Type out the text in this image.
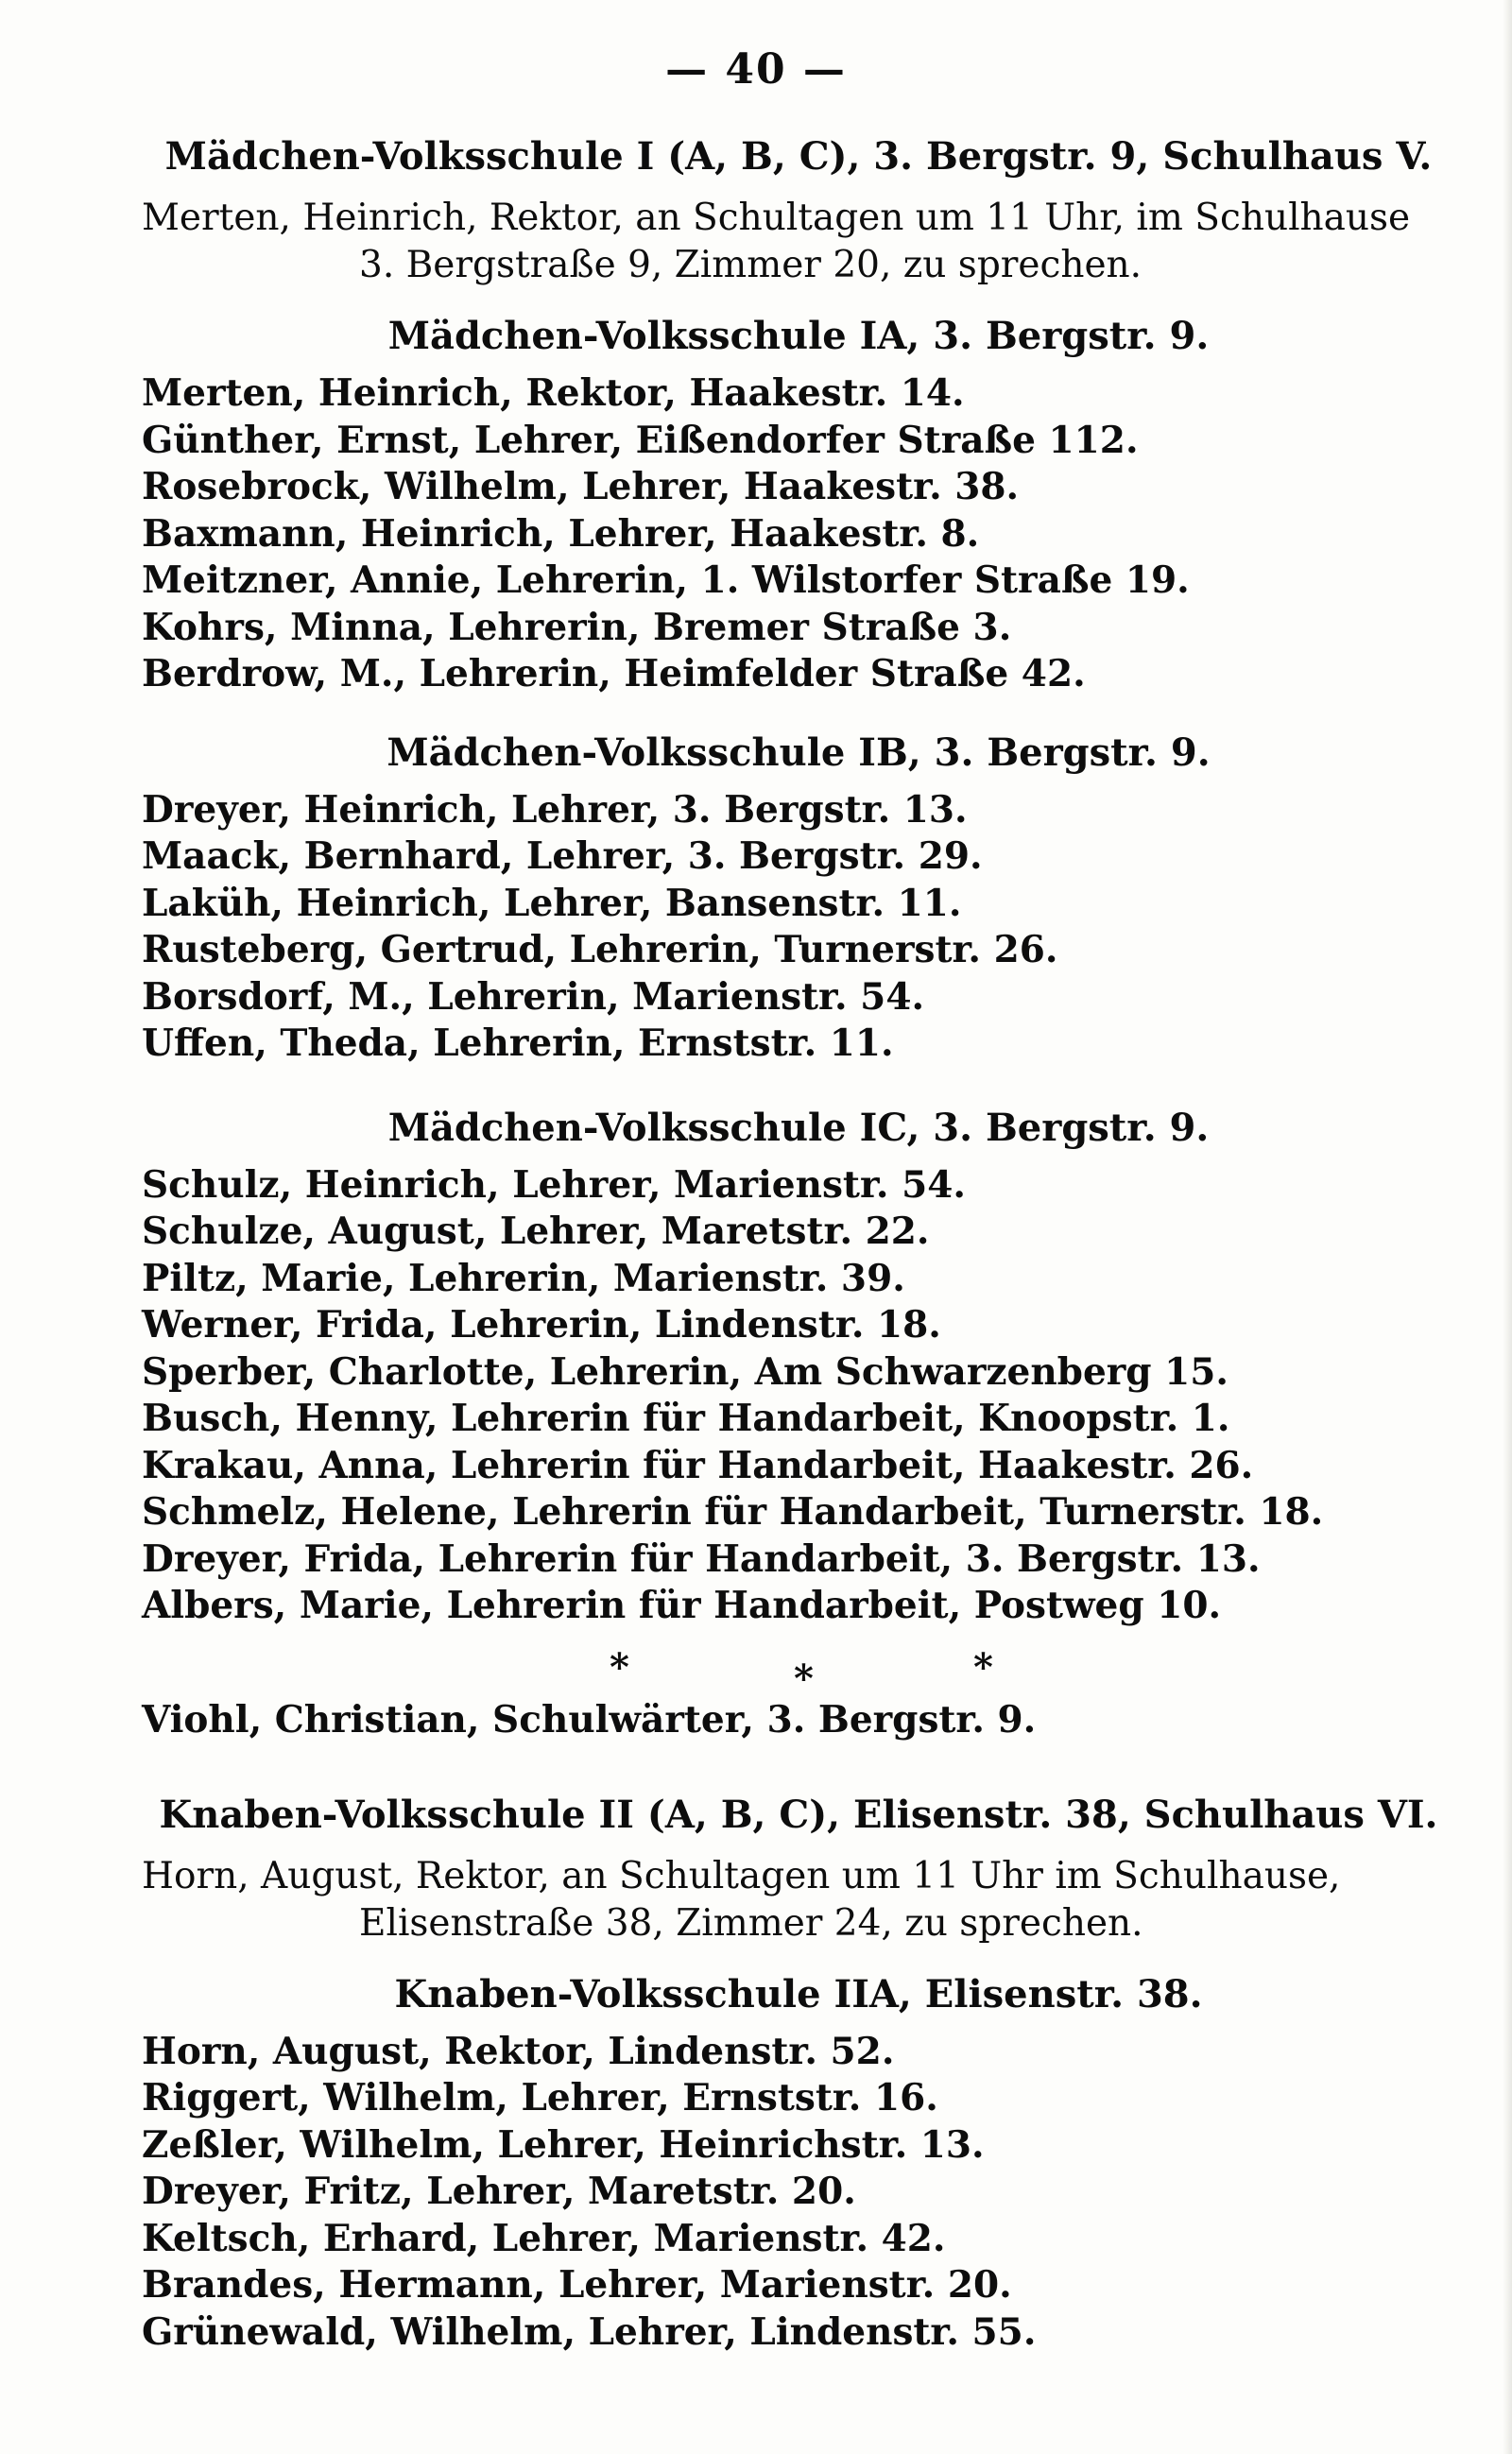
— 40 —
Mädchen-Volksschule I (A, B, C), 3. Bergstr. 9, Schulhaus V.
Merten, Heinrich, Rektor, an Schultagen um 11 Uhr, im Schulhause 3. Bergstraße 9, Zimmer 20, zu sprechen.
Mädchen-Volksschule IA, 3. Bergstr. 9.
Merten, Heinrich, Rektor, Haakestr. 14.
Günther, Ernst, Lehrer, Eißendorfer Straße 112.
Rosebrock, Wilhelm, Lehrer, Haakestr. 38.
Baxmann, Heinrich, Lehrer, Haakestr. 8.
Meitzner, Annie, Lehrerin, 1. Wilstorfer Straße 19.
Kohrs, Minna, Lehrerin, Bremer Straße 3.
Berdrow, M., Lehrerin, Heimfelder Straße 42.
Mädchen-Volksschule IB, 3. Bergstr. 9.
Dreyer, Heinrich, Lehrer, 3. Bergstr. 13.
Maack, Bernhard, Lehrer, 3. Bergstr. 29.
Laküh, Heinrich, Lehrer, Bansenstr. 11.
Rusteberg, Gertrud, Lehrerin, Turnerstr. 26.
Borsdorf, M., Lehrerin, Marienstr. 54.
Uffen, Theda, Lehrerin, Ernststr. 11.
Mädchen-Volksschule IC, 3. Bergstr. 9.
Schulz, Heinrich, Lehrer, Marienstr. 54.
Schulze, August, Lehrer, Maretstr. 22.
Piltz, Marie, Lehrerin, Marienstr. 39.
Werner, Frida, Lehrerin, Lindenstr. 18.
Sperber, Charlotte, Lehrerin, Am Schwarzenberg 15.
Busch, Henny, Lehrerin für Handarbeit, Knoopstr. 1.
Krakau, Anna, Lehrerin für Handarbeit, Haakestr. 26.
Schmelz, Helene, Lehrerin für Handarbeit, Turnerstr. 18.
Dreyer, Frida, Lehrerin für Handarbeit, 3. Bergstr. 13.
Albers, Marie, Lehrerin für Handarbeit, Postweg 10.
*	*	*
Viohl, Christian, Schulwärter, 3. Bergstr. 9.
Knaben-Volksschule II (A, B, C), Elisenstr. 38, Schulhaus VI.
Horn, August, Rektor, an Schultagen um 11 Uhr im Schulhause, Elisenstraße 38, Zimmer 24, zu sprechen.
Knaben-Volksschule IIA, Elisenstr. 38.
Horn, August, Rektor, Lindenstr. 52.
Riggert, Wilhelm, Lehrer, Ernststr. 16.
Zeßler, Wilhelm, Lehrer, Heinrichstr. 13.
Dreyer, Fritz, Lehrer, Maretstr. 20.
Keltsch, Erhard, Lehrer, Marienstr. 42.
Brandes, Hermann, Lehrer, Marienstr. 20.
Grünewald, Wilhelm, Lehrer, Lindenstr. 55.
